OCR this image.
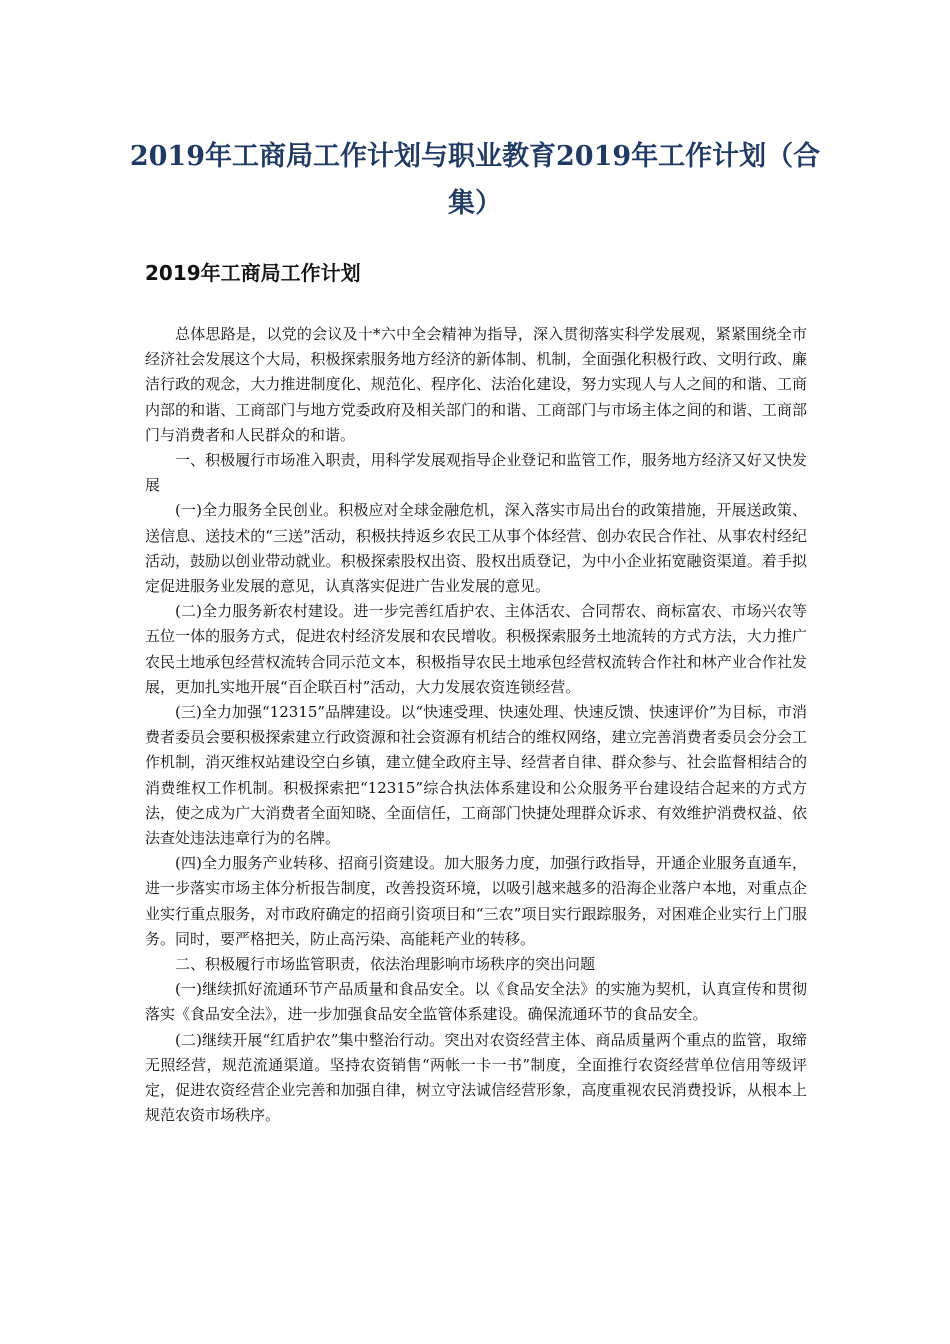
2019年工商局工作计划与职业教育2019年工作计划（合集）
2019年工商局工作计划

总体思路是，以党的会议及十*六中全会精神为指导，深入贯彻落实科学发展观，紧紧围绕全市经济社会发展这个大局，积极探索服务地方经济的新体制、机制，全面强化积极行政、文明行政、廉洁行政的观念，大力推进制度化、规范化、程序化、法治化建设，努力实现人与人之间的和谐、工商内部的和谐、工商部门与地方党委政府及相关部门的和谐、工商部门与市场主体之间的和谐、工商部门与消费者和人民群众的和谐。

一、积极履行市场准入职责，用科学发展观指导企业登记和监管工作，服务地方经济又好又快发展

(一)全力服务全民创业。积极应对全球金融危机，深入落实市局出台的政策措施，开展送政策、送信息、送技术的“三送”活动，积极扶持返乡农民工从事个体经营、创办农民合作社、从事农村经纪活动，鼓励以创业带动就业。积极探索股权出资、股权出质登记，为中小企业拓宽融资渠道。着手拟定促进服务业发展的意见，认真落实促进广告业发展的意见。

(二)全力服务新农村建设。进一步完善红盾护农、主体活农、合同帮农、商标富农、市场兴农等五位一体的服务方式，促进农村经济发展和农民增收。积极探索服务土地流转的方式方法，大力推广农民土地承包经营权流转合同示范文本，积极指导农民土地承包经营权流转合作社和林产业合作社发展，更加扎实地开展“百企联百村”活动，大力发展农资连锁经营。

(三)全力加强“12315”品牌建设。以“快速受理、快速处理、快速反馈、快速评价”为目标，市消费者委员会要积极探索建立行政资源和社会资源有机结合的维权网络，建立完善消费者委员会分会工作机制，消灭维权站建设空白乡镇，建立健全政府主导、经营者自律、群众参与、社会监督相结合的消费维权工作机制。积极探索把“12315”综合执法体系建设和公众服务平台建设结合起来的方式方法，使之成为广大消费者全面知晓、全面信任，工商部门快捷处理群众诉求、有效维护消费权益、依法查处违法违章行为的名牌。

(四)全力服务产业转移、招商引资建设。加大服务力度，加强行政指导，开通企业服务直通车，进一步落实市场主体分析报告制度，改善投资环境，以吸引越来越多的沿海企业落户本地，对重点企业实行重点服务，对市政府确定的招商引资项目和“三农”项目实行跟踪服务，对困难企业实行上门服务。同时，要严格把关，防止高污染、高能耗产业的转移。

二、积极履行市场监管职责，依法治理影响市场秩序的突出问题

(一)继续抓好流通环节产品质量和食品安全。以《食品安全法》的实施为契机，认真宣传和贯彻落实《食品安全法》，进一步加强食品安全监管体系建设。确保流通环节的食品安全。

(二)继续开展“红盾护农”集中整治行动。突出对农资经营主体、商品质量两个重点的监管，取缔无照经营，规范流通渠道。坚持农资销售“两帐一卡一书”制度，全面推行农资经营单位信用等级评定，促进农资经营企业完善和加强自律，树立守法诚信经营形象，高度重视农民消费投诉，从根本上规范农资市场秩序。
